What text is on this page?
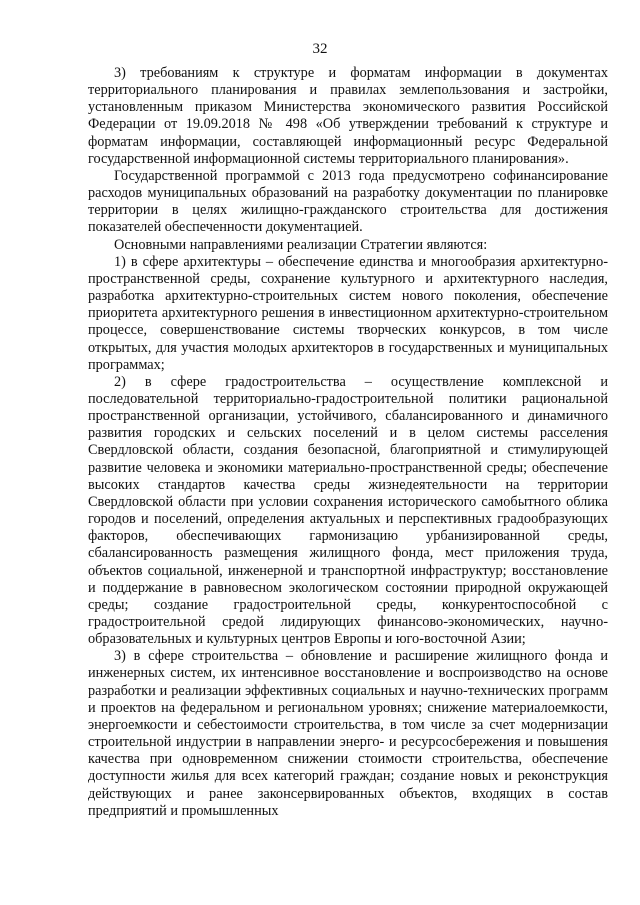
32

3) требованиям к структуре и форматам информации в документах территориального планирования и правилах землепользования и застройки, установленным приказом Министерства экономического развития Российской Федерации от 19.09.2018 № 498 «Об утверждении требований к структуре и форматам информации, составляющей информационный ресурс Федеральной государственной информационной системы территориального планирования».

Государственной программой с 2013 года предусмотрено софинансирование расходов муниципальных образований на разработку документации по планировке территории в целях жилищно-гражданского строительства для достижения показателей обеспеченности документацией.

Основными направлениями реализации Стратегии являются:

1) в сфере архитектуры – обеспечение единства и многообразия архитектурно- пространственной среды, сохранение культурного и архитектурного наследия, разработка архитектурно-строительных систем нового поколения, обеспечение приоритета архитектурного решения в инвестиционном архитектурно-строительном процессе, совершенствование системы творческих конкурсов, в том числе открытых, для участия молодых архитекторов в государственных и муниципальных программах;

2) в сфере градостроительства – осуществление комплексной и последовательной территориально-градостроительной политики рациональной пространственной организации, устойчивого, сбалансированного и динамичного развития городских и сельских поселений и в целом системы расселения Свердловской области, создания безопасной, благоприятной и стимулирующей развитие человека и экономики материально-пространственной среды; обеспечение высоких стандартов качества среды жизнедеятельности на территории Свердловской области при условии сохранения исторического самобытного облика городов и поселений, определения актуальных и перспективных градообразующих факторов, обеспечивающих гармонизацию урбанизированной среды, сбалансированность размещения жилищного фонда, мест приложения труда, объектов социальной, инженерной и транспортной инфраструктур; восстановление и поддержание в равновесном экологическом состоянии природной окружающей среды; создание градостроительной среды, конкурентоспособной с градостроительной средой лидирующих финансово-экономических, научно-образовательных и культурных центров Европы и юго-восточной Азии;

3) в сфере строительства – обновление и расширение жилищного фонда и инженерных систем, их интенсивное восстановление и воспроизводство на основе разработки и реализации эффективных социальных и научно-технических программ и проектов на федеральном и региональном уровнях; снижение материалоемкости, энергоемкости и себестоимости строительства, в том числе за счет модернизации строительной индустрии в направлении энерго- и ресурсосбережения и повышения качества при одновременном снижении стоимости строительства, обеспечение доступности жилья для всех категорий граждан; создание новых и реконструкция действующих и ранее законсервированных объектов, входящих в состав предприятий и промышленных
